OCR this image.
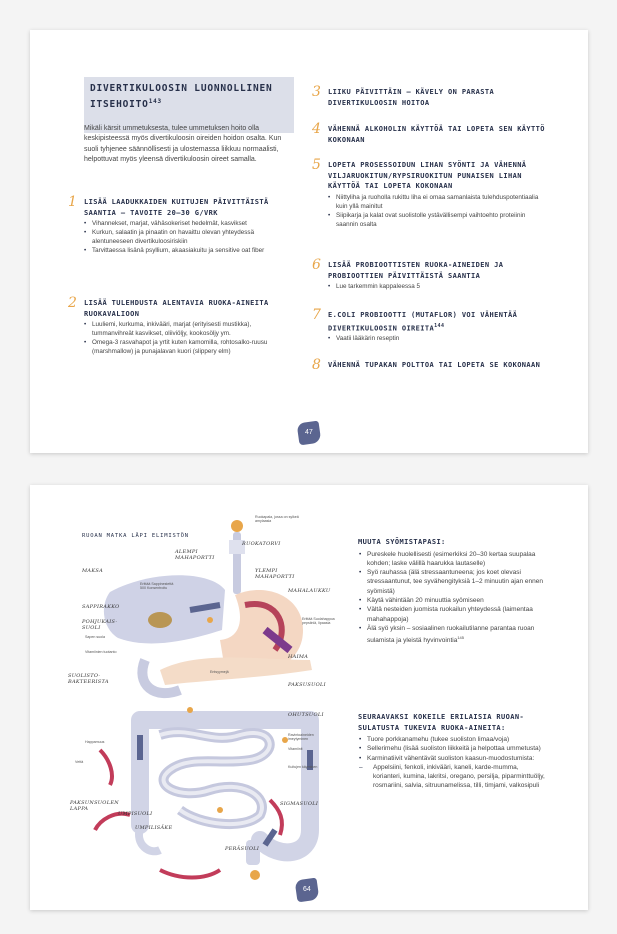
DIVERTIKULOOSIN LUONNOLLINEN ITSEHOITO$^{143}$
Mikäli kärsit ummetuksesta, tulee ummetuksen hoito olla keskipisteessä myös divertikuloosin oireiden hoidon osalta. Kun suoli tyhjenee säännöllisesti ja ulostemassa liikkuu normaalisti, helpottuvat myös yleensä divertikuloosin oireet samalla.
1 LISÄÄ LAADUKKAIDEN KUITUJEN PÄIVITTÄISTÄ SAANTIA – TAVOITE 20–30 G/VRK
• Vihannekset, marjat, vähäsokeriset hedelmät, kasvikset
• Kurkun, salaatin ja pinaatin on havaittu olevan yhteydessä alentuneeseen divertikuloosiriskiin
• Tarvittaessa lisänä psyllium, akaasiakuitu ja sensitive oat fiber
2 LISÄÄ TULEHDUSTA ALENTAVIA RUOKA-AINEITA RUOKAVALIOON
• Luuliemi, kurkuma, inkivääri, marjat (erityisesti mustikka), tummanvihreät kasvikset, oliiviöljy, kookosöljy ym.
• Omega-3 rasvahapot ja yrtit kuten kamomilla, rohtosalko-ruusu (marshmallow) ja punajalavan kuori (slippery elm)
3 LIIKU PÄIVITTÄIN – KÄVELY ON PARASTA DIVERTIKULOOSIN HOITOA
4 VÄHENNÄ ALKOHOLIN KÄYTTÖÄ TAI LOPETA SEN KÄYTTÖ KOKONAAN
5 LOPETA PROSESSOIDUN LIHAN SYÖNTI JA VÄHENNÄ VILJARUOKITUN/RYPSIRUOKITUN PUNAISEN LIHAN KÄYTTÖÄ TAI LOPETA KOKONAAN
• Niittyliha ja ruoholla rukittu liha ei omaa samanlaista tulehduspotentiaalia kuin yllä mainitut
• Siipikarja ja kalat ovat suolistolle ystävällisempi vaihtoehto proteiinin saannin osalta
6 LISÄÄ PROBIOOTTISTEN RUOKA-AINEIDEN JA PROBIOOTTIEN PÄIVITTÄISTÄ SAANTIA
• Lue tarkemmin kappaleessa 5
7 E.COLI PROBIOOTTI (MUTAFLOR) VOI VÄHENTÄÄ DIVERTIKULOOSIN OIREITA$^{144}$
• Vaatii lääkärin reseptin
8 VÄHENNÄ TUPAKAN POLTTOA TAI LOPETA SE KOKONAAN
47
RUOAN MATKA LÄPI ELIMISTÖN
RUOKATORVI
YLEMPI MAHAPORTTI
ALEMPI MAHAPORTTI
MAHALAUKKU
MAKSA
SAPPIRAKKO
POHJUKAIS-SUOLI
HAIMA
SUOLISTO-BAKTEERISTA	PAKSUSUOLI
OHUTSUOLI
PAKSUNSUOLEN LAPPA
UMPISUOLI
UMPILISÄKE
SIGMASUOLI
PERÄSUOLI
Ruokapala, jossa on sylkeä amylaasia
Erittää Sappinestettä 500 Konsentroitu
Erittää Suolahappoa pepsiiniä, lipaasia
Sapen suola
Vitamiinien tuotanto
Entsyymejä
Ravintoaineiden imeytyminen
Vitamiinit
Vettä
Happamuus
Kuitujen käyminen
MUUTA SYÖMISTAPASI:
• Pureskele huolellisesti (esimerkiksi 20–30 kertaa suupalaa kohden; laske välillä haarukka lautaselle)
• Syö rauhassa (älä stressaantuneena; jos koet olevasi stressaantunut, tee syvähengityksiä 1–2 minuutin ajan ennen syömistä)
• Käytä vähintään 20 minuuttia syömiseen
• Vältä nesteiden juomista ruokailun yhteydessä (laimentaa mahahappoja)
• Älä syö yksin – sosiaalinen ruokailutilanne parantaa ruoan sulamista ja yleistä hyvinvointia$^{145}$
SEURAAVAKSI KOKEILE ERILAISIA RUOAN-SULATUSTA TUKEVIA RUOKA-AINEITA:
• Tuore porkkanamehu (tukee suoliston limaa/voja)
• Sellerimehu (lisää suoliston liikkeitä ja helpottaa ummetusta)
• Karminatiivit vähentävät suoliston kaasun-muodostumista:
– Appelsiini, fenkoli, inkivääri, kaneli, karde-mumma, korianteri, kumina, lakritsi, oregano, persilja, piparminttuöljy, rosmariini, salvia, sitruunamelissa, tilli, timjami, valkosipuli
64
